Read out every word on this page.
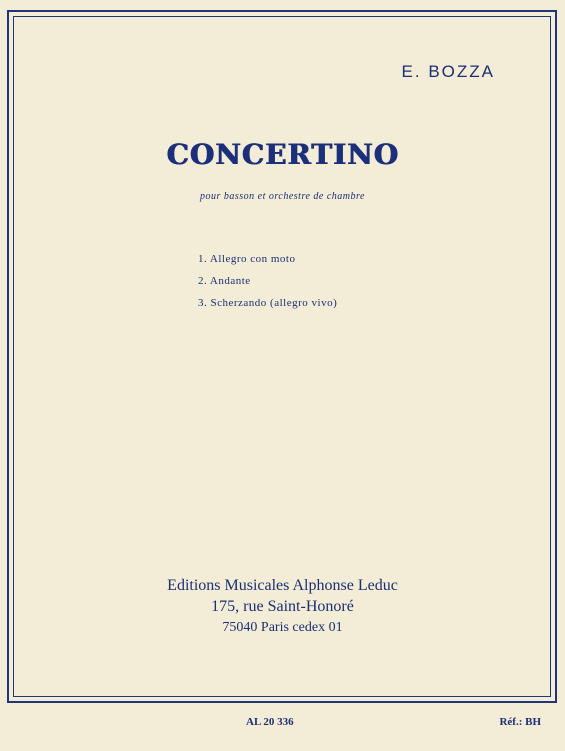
E. BOZZA
CONCERTINO
pour basson et orchestre de chambre
1. Allegro con moto
2. Andante
3. Scherzando (allegro vivo)
Editions Musicales Alphonse Leduc
175, rue Saint-Honoré
75040 Paris cedex 01
AL 20 336	Réf.: BH
